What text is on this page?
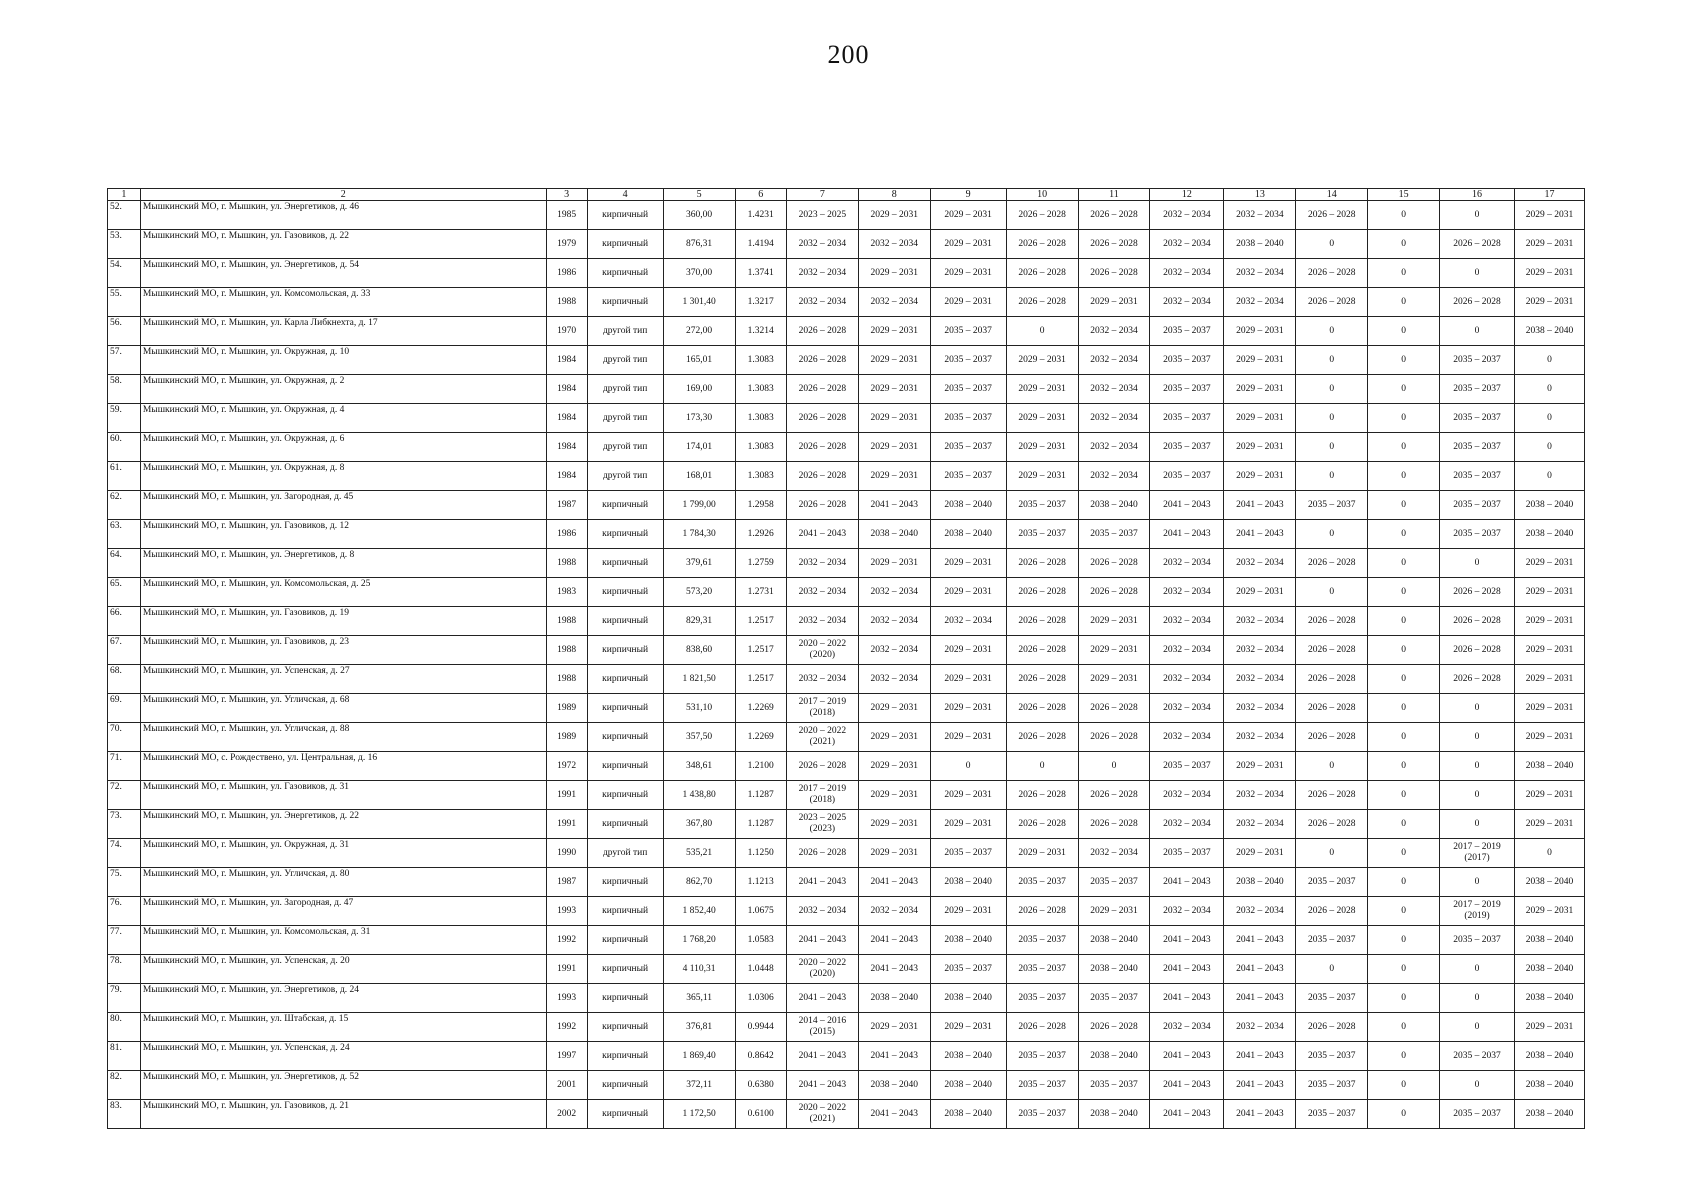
200
1	2	3	4	5	6	7	8	9	10	11	12	13	14	15	16	17
52.	Мышкинский МО, г. Мышкин, ул. Энергетиков, д. 46	1985	кирпичный	360,00	1.4231	2023 – 2025	2029 – 2031	2029 – 2031	2026 – 2028	2026 – 2028	2032 – 2034	2032 – 2034	2026 – 2028	0	0	2029 – 2031
53.	Мышкинский МО, г. Мышкин, ул. Газовиков, д. 22	1979	кирпичный	876,31	1.4194	2032 – 2034	2032 – 2034	2029 – 2031	2026 – 2028	2026 – 2028	2032 – 2034	2038 – 2040	0	0	2026 – 2028	2029 – 2031
54.	Мышкинский МО, г. Мышкин, ул. Энергетиков, д. 54	1986	кирпичный	370,00	1.3741	2032 – 2034	2029 – 2031	2029 – 2031	2026 – 2028	2026 – 2028	2032 – 2034	2032 – 2034	2026 – 2028	0	0	2029 – 2031
55.	Мышкинский МО, г. Мышкин, ул. Комсомольская, д. 33	1988	кирпичный	1 301,40	1.3217	2032 – 2034	2032 – 2034	2029 – 2031	2026 – 2028	2029 – 2031	2032 – 2034	2032 – 2034	2026 – 2028	0	2026 – 2028	2029 – 2031
56.	Мышкинский МО, г. Мышкин, ул. Карла Либкнехта, д. 17	1970	другой тип	272,00	1.3214	2026 – 2028	2029 – 2031	2035 – 2037	0	2032 – 2034	2035 – 2037	2029 – 2031	0	0	0	2038 – 2040
57.	Мышкинский МО, г. Мышкин, ул. Окружная, д. 10	1984	другой тип	165,01	1.3083	2026 – 2028	2029 – 2031	2035 – 2037	2029 – 2031	2032 – 2034	2035 – 2037	2029 – 2031	0	0	2035 – 2037	0
58.	Мышкинский МО, г. Мышкин, ул. Окружная, д. 2	1984	другой тип	169,00	1.3083	2026 – 2028	2029 – 2031	2035 – 2037	2029 – 2031	2032 – 2034	2035 – 2037	2029 – 2031	0	0	2035 – 2037	0
59.	Мышкинский МО, г. Мышкин, ул. Окружная, д. 4	1984	другой тип	173,30	1.3083	2026 – 2028	2029 – 2031	2035 – 2037	2029 – 2031	2032 – 2034	2035 – 2037	2029 – 2031	0	0	2035 – 2037	0
60.	Мышкинский МО, г. Мышкин, ул. Окружная, д. 6	1984	другой тип	174,01	1.3083	2026 – 2028	2029 – 2031	2035 – 2037	2029 – 2031	2032 – 2034	2035 – 2037	2029 – 2031	0	0	2035 – 2037	0
61.	Мышкинский МО, г. Мышкин, ул. Окружная, д. 8	1984	другой тип	168,01	1.3083	2026 – 2028	2029 – 2031	2035 – 2037	2029 – 2031	2032 – 2034	2035 – 2037	2029 – 2031	0	0	2035 – 2037	0
62.	Мышкинский МО, г. Мышкин, ул. Загородная, д. 45	1987	кирпичный	1 799,00	1.2958	2026 – 2028	2041 – 2043	2038 – 2040	2035 – 2037	2038 – 2040	2041 – 2043	2041 – 2043	2035 – 2037	0	2035 – 2037	2038 – 2040
63.	Мышкинский МО, г. Мышкин, ул. Газовиков, д. 12	1986	кирпичный	1 784,30	1.2926	2041 – 2043	2038 – 2040	2038 – 2040	2035 – 2037	2035 – 2037	2041 – 2043	2041 – 2043	0	0	2035 – 2037	2038 – 2040
64.	Мышкинский МО, г. Мышкин, ул. Энергетиков, д. 8	1988	кирпичный	379,61	1.2759	2032 – 2034	2029 – 2031	2029 – 2031	2026 – 2028	2026 – 2028	2032 – 2034	2032 – 2034	2026 – 2028	0	0	2029 – 2031
65.	Мышкинский МО, г. Мышкин, ул. Комсомольская, д. 25	1983	кирпичный	573,20	1.2731	2032 – 2034	2032 – 2034	2029 – 2031	2026 – 2028	2026 – 2028	2032 – 2034	2029 – 2031	0	0	2026 – 2028	2029 – 2031
66.	Мышкинский МО, г. Мышкин, ул. Газовиков, д. 19	1988	кирпичный	829,31	1.2517	2032 – 2034	2032 – 2034	2032 – 2034	2026 – 2028	2029 – 2031	2032 – 2034	2032 – 2034	2026 – 2028	0	2026 – 2028	2029 – 2031
67.	Мышкинский МО, г. Мышкин, ул. Газовиков, д. 23	1988	кирпичный	838,60	1.2517	2020 – 2022 (2020)	2032 – 2034	2029 – 2031	2026 – 2028	2029 – 2031	2032 – 2034	2032 – 2034	2026 – 2028	0	2026 – 2028	2029 – 2031
68.	Мышкинский МО, г. Мышкин, ул. Успенская, д. 27	1988	кирпичный	1 821,50	1.2517	2032 – 2034	2032 – 2034	2029 – 2031	2026 – 2028	2029 – 2031	2032 – 2034	2032 – 2034	2026 – 2028	0	2026 – 2028	2029 – 2031
69.	Мышкинский МО, г. Мышкин, ул. Угличская, д. 68	1989	кирпичный	531,10	1.2269	2017 – 2019 (2018)	2029 – 2031	2029 – 2031	2026 – 2028	2026 – 2028	2032 – 2034	2032 – 2034	2026 – 2028	0	0	2029 – 2031
70.	Мышкинский МО, г. Мышкин, ул. Угличская, д. 88	1989	кирпичный	357,50	1.2269	2020 – 2022 (2021)	2029 – 2031	2029 – 2031	2026 – 2028	2026 – 2028	2032 – 2034	2032 – 2034	2026 – 2028	0	0	2029 – 2031
71.	Мышкинский МО, с. Рождествено, ул. Центральная, д. 16	1972	кирпичный	348,61	1.2100	2026 – 2028	2029 – 2031	0	0	0	2035 – 2037	2029 – 2031	0	0	0	2038 – 2040
72.	Мышкинский МО, г. Мышкин, ул. Газовиков, д. 31	1991	кирпичный	1 438,80	1.1287	2017 – 2019 (2018)	2029 – 2031	2029 – 2031	2026 – 2028	2026 – 2028	2032 – 2034	2032 – 2034	2026 – 2028	0	0	2029 – 2031
73.	Мышкинский МО, г. Мышкин, ул. Энергетиков, д. 22	1991	кирпичный	367,80	1.1287	2023 – 2025 (2023)	2029 – 2031	2029 – 2031	2026 – 2028	2026 – 2028	2032 – 2034	2032 – 2034	2026 – 2028	0	0	2029 – 2031
74.	Мышкинский МО, г. Мышкин, ул. Окружная, д. 31	1990	другой тип	535,21	1.1250	2026 – 2028	2029 – 2031	2035 – 2037	2029 – 2031	2032 – 2034	2035 – 2037	2029 – 2031	0	0	2017 – 2019 (2017)	0
75.	Мышкинский МО, г. Мышкин, ул. Угличская, д. 80	1987	кирпичный	862,70	1.1213	2041 – 2043	2041 – 2043	2038 – 2040	2035 – 2037	2035 – 2037	2041 – 2043	2038 – 2040	2035 – 2037	0	0	2038 – 2040
76.	Мышкинский МО, г. Мышкин, ул. Загородная, д. 47	1993	кирпичный	1 852,40	1.0675	2032 – 2034	2032 – 2034	2029 – 2031	2026 – 2028	2029 – 2031	2032 – 2034	2032 – 2034	2026 – 2028	0	2017 – 2019 (2019)	2029 – 2031
77.	Мышкинский МО, г. Мышкин, ул. Комсомольская, д. 31	1992	кирпичный	1 768,20	1.0583	2041 – 2043	2041 – 2043	2038 – 2040	2035 – 2037	2038 – 2040	2041 – 2043	2041 – 2043	2035 – 2037	0	2035 – 2037	2038 – 2040
78.	Мышкинский МО, г. Мышкин, ул. Успенская, д. 20	1991	кирпичный	4 110,31	1.0448	2020 – 2022 (2020)	2041 – 2043	2035 – 2037	2035 – 2037	2038 – 2040	2041 – 2043	2041 – 2043	0	0	0	2038 – 2040
79.	Мышкинский МО, г. Мышкин, ул. Энергетиков, д. 24	1993	кирпичный	365,11	1.0306	2041 – 2043	2038 – 2040	2038 – 2040	2035 – 2037	2035 – 2037	2041 – 2043	2041 – 2043	2035 – 2037	0	0	2038 – 2040
80.	Мышкинский МО, г. Мышкин, ул. Штабская, д. 15	1992	кирпичный	376,81	0.9944	2014 – 2016 (2015)	2029 – 2031	2029 – 2031	2026 – 2028	2026 – 2028	2032 – 2034	2032 – 2034	2026 – 2028	0	0	2029 – 2031
81.	Мышкинский МО, г. Мышкин, ул. Успенская, д. 24	1997	кирпичный	1 869,40	0.8642	2041 – 2043	2041 – 2043	2038 – 2040	2035 – 2037	2038 – 2040	2041 – 2043	2041 – 2043	2035 – 2037	0	2035 – 2037	2038 – 2040
82.	Мышкинский МО, г. Мышкин, ул. Энергетиков, д. 52	2001	кирпичный	372,11	0.6380	2041 – 2043	2038 – 2040	2038 – 2040	2035 – 2037	2035 – 2037	2041 – 2043	2041 – 2043	2035 – 2037	0	0	2038 – 2040
83.	Мышкинский МО, г. Мышкин, ул. Газовиков, д. 21	2002	кирпичный	1 172,50	0.6100	2020 – 2022 (2021)	2041 – 2043	2038 – 2040	2035 – 2037	2038 – 2040	2041 – 2043	2041 – 2043	2035 – 2037	0	2035 – 2037	2038 – 2040
